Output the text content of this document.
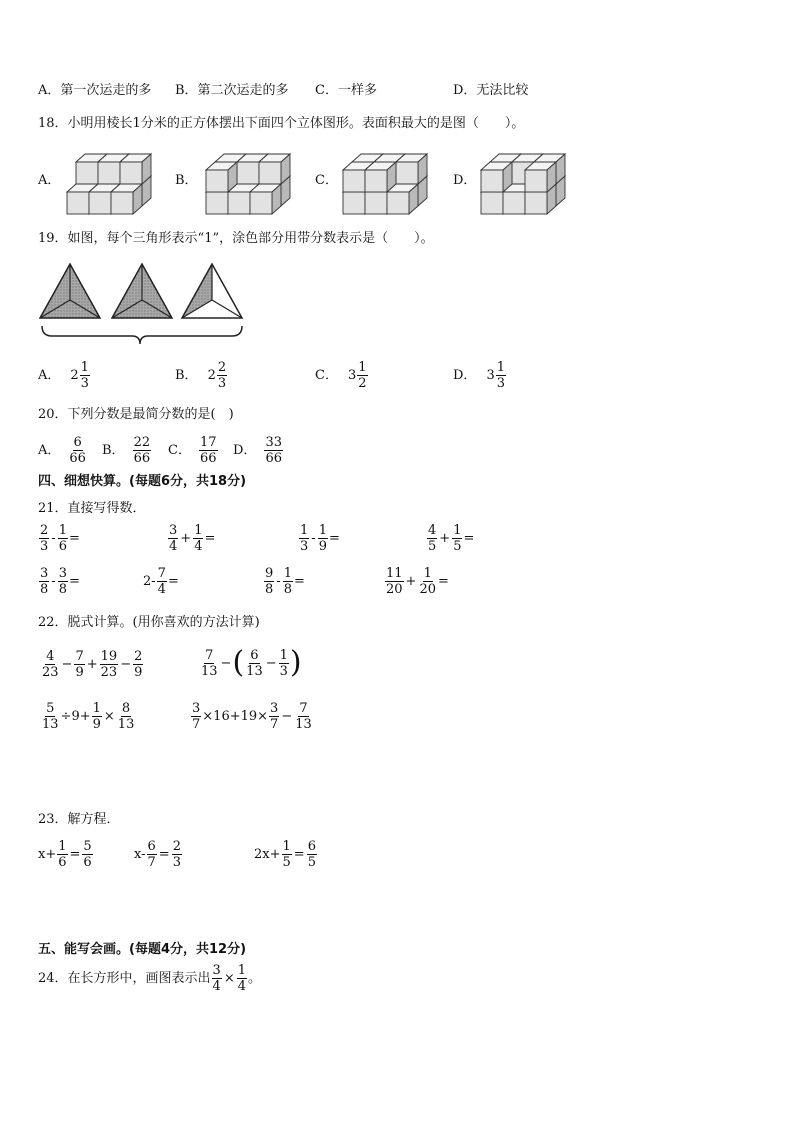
A．第一次运走的多 B．第二次运走的多 C．一样多	D．无法比较
18．小明用棱长1分米的正方体摆出下面四个立体图形。表面积最大的是图（　　）。
A．	B．	C．	D．
19．如图，每个三角形表示“1”，涂色部分用带分数表示是（　　）。
A． $2 \frac{1}{3}$	B． $2 \frac{2}{3}$	C． $3 \frac{1}{2}$	D． $3 \frac{1}{3}$
20．下列分数是最简分数的是(　)
A． $\frac{6}{66}$ B． $\frac{22}{66}$ C． $\frac{17}{66}$ D． $\frac{33}{66}$
四、细想快算。(每题6分，共18分)
21．直接写得数．
$\frac{2}{3} - \frac{1}{6}$ =	$\frac{3}{4} + \frac{1}{4}$ =	$\frac{1}{3} - \frac{1}{9}$ =	$\frac{4}{5} + \frac{1}{5}$ =
$\frac{3}{8} - \frac{3}{8}$ =	$2- \frac{7}{4}$ =	$\frac{9}{8} - \frac{1}{8}$ =	$\frac{11}{20} + \frac{1}{20}$ =
22．脱式计算。(用你喜欢的方法计算)
$\frac{4}{23} - \frac{7}{9} + \frac{19}{23} - \frac{2}{9}$	$\frac{7}{13}$ − ( $\frac{6}{13} - \frac{1}{3}$ )
$\frac{5}{13} \div 9+ \frac{1}{9} \times \frac{8}{13}$	$\frac{3}{7} \times 16+19\times \frac{3}{7} - \frac{7}{13}$
23．解方程．
$x+ \frac{1}{6} = \frac{5}{6}$	$x- \frac{6}{7} = \frac{2}{3}$	$2x+ \frac{1}{5} = \frac{6}{5}$
五、能写会画。(每题4分，共12分)
24．在长方形中，画图表示出 $\frac{3}{4} \times \frac{1}{4}$ 。
